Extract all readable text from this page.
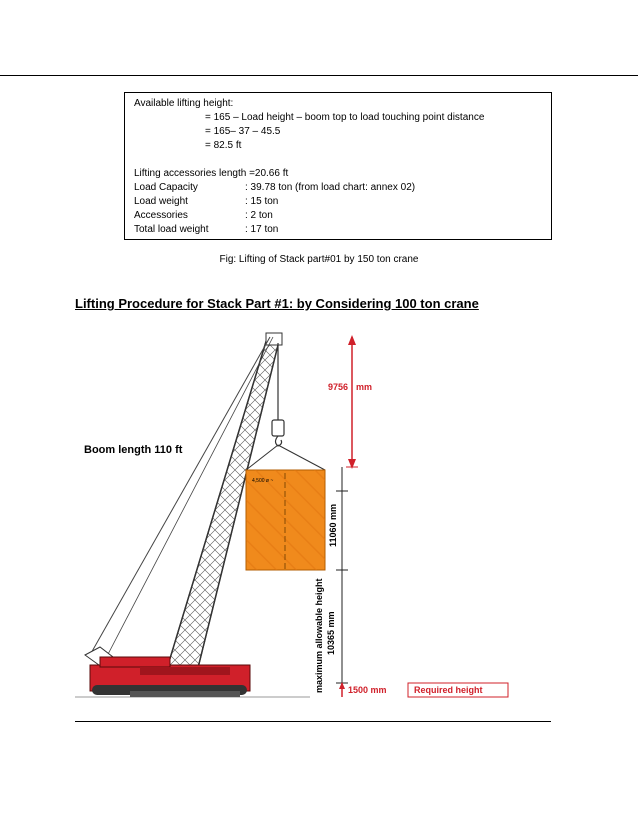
Available lifting height:
= 165 – Load height – boom top to load touching point distance
= 165– 37 – 45.5
= 82.5 ft
Lifting accessories length =20.66 ft
Load Capacity	: 39.78 ton (from load chart: annex 02)
Load weight	: 15 ton
Accessories	: 2 ton
Total load weight	: 17 ton
Fig: Lifting of Stack part#01 by 150 ton crane
Lifting Procedure for Stack Part #1: by Considering 100 ton crane
4,500 ø ~
Boom length 110 ft
9756 mm
11060 mm
maximum allowable height 10365 mm
1500 mm	Required height
